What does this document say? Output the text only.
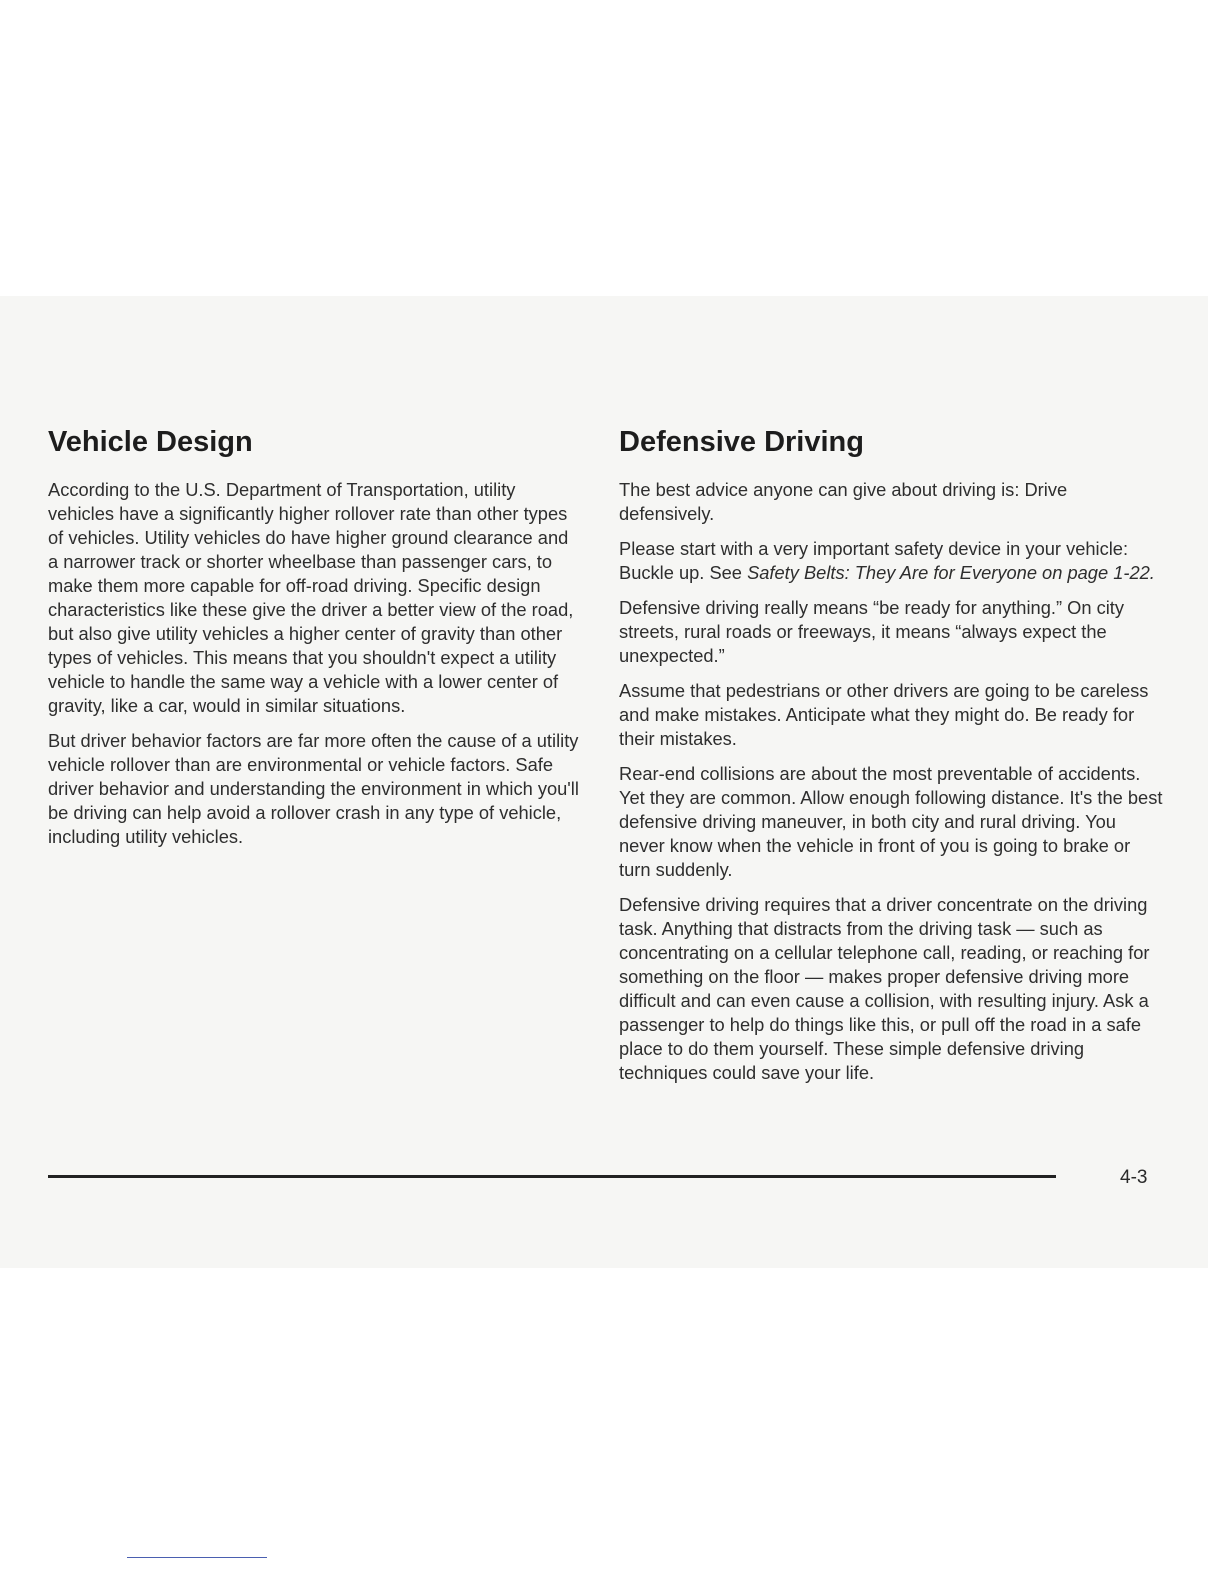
Vehicle Design

According to the U.S. Department of Transportation, utility vehicles have a significantly higher rollover rate than other types of vehicles. Utility vehicles do have higher ground clearance and a narrower track or shorter wheelbase than passenger cars, to make them more capable for off-road driving. Specific design characteristics like these give the driver a better view of the road, but also give utility vehicles a higher center of gravity than other types of vehicles. This means that you shouldn't expect a utility vehicle to handle the same way a vehicle with a lower center of gravity, like a car, would in similar situations.

But driver behavior factors are far more often the cause of a utility vehicle rollover than are environmental or vehicle factors. Safe driver behavior and understanding the environment in which you'll be driving can help avoid a rollover crash in any type of vehicle, including utility vehicles.

Defensive Driving

The best advice anyone can give about driving is: Drive defensively.

Please start with a very important safety device in your vehicle: Buckle up. See Safety Belts: They Are for Everyone on page 1-22.

Defensive driving really means “be ready for anything.” On city streets, rural roads or freeways, it means “always expect the unexpected.”

Assume that pedestrians or other drivers are going to be careless and make mistakes. Anticipate what they might do. Be ready for their mistakes.

Rear-end collisions are about the most preventable of accidents. Yet they are common. Allow enough following distance. It's the best defensive driving maneuver, in both city and rural driving. You never know when the vehicle in front of you is going to brake or turn suddenly.

Defensive driving requires that a driver concentrate on the driving task. Anything that distracts from the driving task — such as concentrating on a cellular telephone call, reading, or reaching for something on the floor — makes proper defensive driving more difficult and can even cause a collision, with resulting injury. Ask a passenger to help do things like this, or pull off the road in a safe place to do them yourself. These simple defensive driving techniques could save your life.

4-3
